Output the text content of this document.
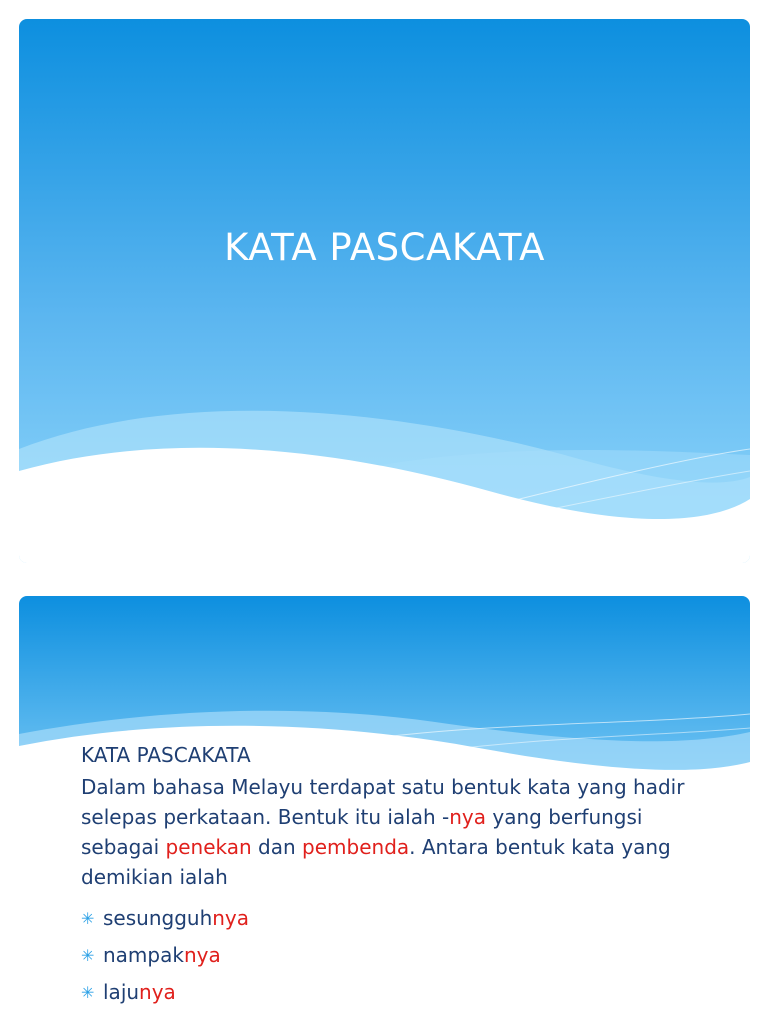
KATA PASCAKATA
KATA PASCAKATA

Dalam bahasa Melayu terdapat satu bentuk kata yang hadir selepas perkataan. Bentuk itu ialah -nya yang berfungsi sebagai penekan dan pembenda. Antara bentuk kata yang demikian ialah

✳ sesungguhnya
✳ nampaknya
✳ lajunya
